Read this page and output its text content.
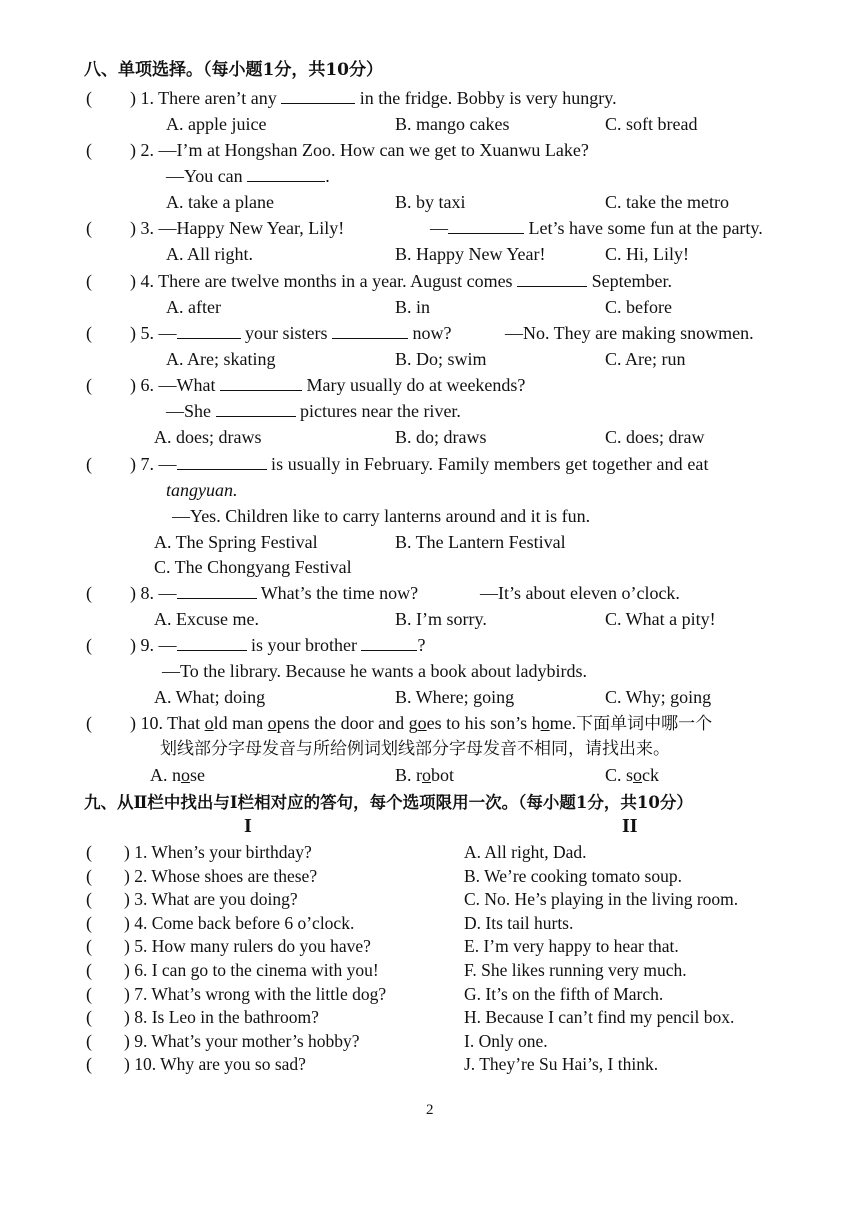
八、单项选择。（每小题1分，共10分）
( ) 1. There aren’t any	in the fridge. Bobby is very hungry.
A. apple juice	B. mango cakes	C. soft bread
( ) 2. —I’m at Hongshan Zoo. How can we get to Xuanwu Lake?
—You can	.
A. take a plane	B. by taxi	C. take the metro
( ) 3. —Happy New Year, Lily!	—	Let’s have some fun at the party.
A. All right.	B. Happy New Year!	C. Hi, Lily!
( ) 4. There are twelve months in a year. August comes	September.
A. after	B. in	C. before
( ) 5. —	your sisters	now?	—No. They are making snowmen.
A. Are; skating	B. Do; swim	C. Are; run
( ) 6. —What	Mary usually do at weekends?
—She	pictures near the river.
A. does; draws	B. do; draws	C. does; draw
( ) 7. —	is usually in February. Family members get together and eat
tangyuan.
—Yes. Children like to carry lanterns around and it is fun.
A. The Spring Festival	B. The Lantern Festival
C. The Chongyang Festival
( ) 8. —	What’s the time now?	—It’s about eleven o’clock.
A. Excuse me.	B. I’m sorry.	C. What a pity!
( ) 9. —	is your brother	?
—To the library. Because he wants a book about ladybirds.
A. What; doing	B. Where; going	C. Why; going
( ) 10. That old man opens the door and goes to his son’s home.下面单词中哪一个
划线部分字母发音与所给例词划线部分字母发音不相同，请找出来。
A. nose	B. robot	C. sock
九、从Ⅱ栏中找出与Ⅰ栏相对应的答句，每个选项限用一次。（每小题1分，共10分）
I	II
( ) 1. When’s your birthday?	A. All right, Dad.
( ) 2. Whose shoes are these?	B. We’re cooking tomato soup.
( ) 3. What are you doing?	C. No. He’s playing in the living room.
( ) 4. Come back before 6 o’clock.	D. Its tail hurts.
( ) 5. How many rulers do you have?	E. I’m very happy to hear that.
( ) 6. I can go to the cinema with you!	F. She likes running very much.
( ) 7. What’s wrong with the little dog?	G. It’s on the fifth of March.
( ) 8. Is Leo in the bathroom?	H. Because I can’t find my pencil box.
( ) 9. What’s your mother’s hobby?	I. Only one.
( ) 10. Why are you so sad?	J. They’re Su Hai’s, I think.
2
